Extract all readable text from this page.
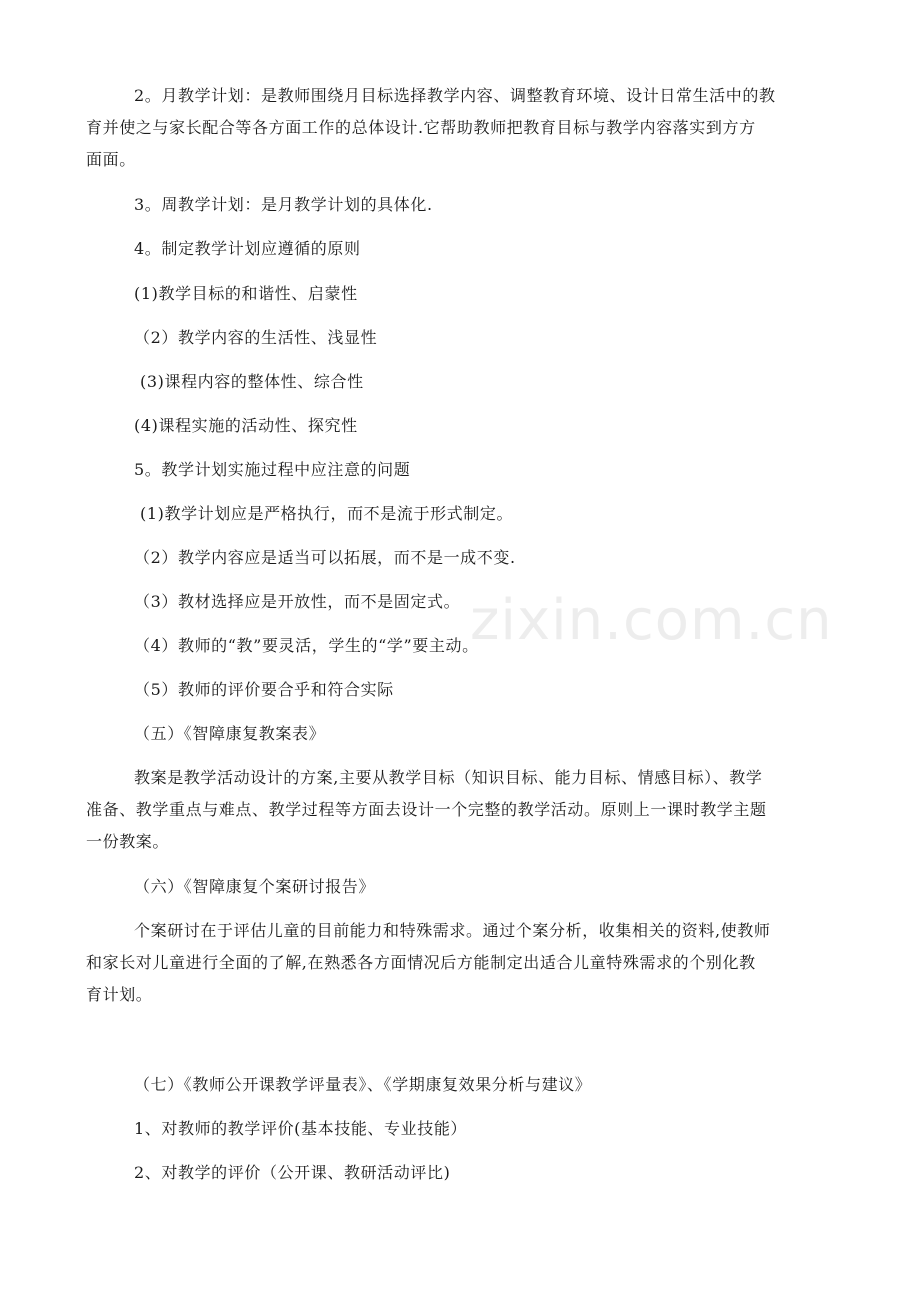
2。月教学计划：是教师围绕月目标选择教学内容、调整教育环境、设计日常生活中的教
育并使之与家长配合等各方面工作的总体设计.它帮助教师把教育目标与教学内容落实到方方
面面。
3。周教学计划：是月教学计划的具体化.
4。制定教学计划应遵循的原则
(1)教学目标的和谐性、启蒙性
（2）教学内容的生活性、浅显性
(3)课程内容的整体性、综合性
(4)课程实施的活动性、探究性
5。教学计划实施过程中应注意的问题
(1)教学计划应是严格执行，而不是流于形式制定。
（2）教学内容应是适当可以拓展，而不是一成不变.
（3）教材选择应是开放性，而不是固定式。
（4）教师的“教”要灵活，学生的“学”要主动。
（5）教师的评价要合乎和符合实际
（五）《智障康复教案表》
教案是教学活动设计的方案,主要从教学目标（知识目标、能力目标、情感目标）、教学
准备、教学重点与难点、教学过程等方面去设计一个完整的教学活动。原则上一课时教学主题
一份教案。
（六）《智障康复个案研讨报告》
个案研讨在于评估儿童的目前能力和特殊需求。通过个案分析，收集相关的资料,使教师
和家长对儿童进行全面的了解,在熟悉各方面情况后方能制定出适合儿童特殊需求的个别化教
育计划。
（七）《教师公开课教学评量表》、《学期康复效果分析与建议》
1、对教师的教学评价(基本技能、专业技能）
2、对教学的评价（公开课、教研活动评比)
zixin.com.cn
